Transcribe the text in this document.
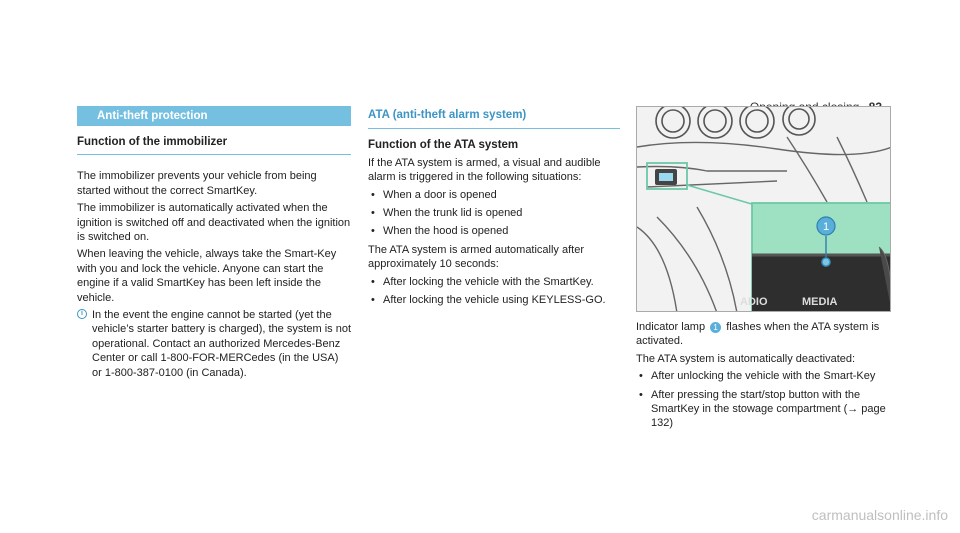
Anti-theft protection
Function of the immobilizer

The immobilizer prevents your vehicle from being started without the correct SmartKey.

The immobilizer is automatically activated when the ignition is switched off and deactivated when the ignition is switched on.

When leaving the vehicle, always take the Smart-Key with you and lock the vehicle. Anyone can start the engine if a valid SmartKey has been left inside the vehicle.

i In the event the engine cannot be started (yet the vehicle’s starter battery is charged), the system is not operational. Contact an authorized Mercedes-Benz Center or call 1-800-FOR-MERCedes (in the USA) or 1-800-387-0100 (in Canada).
ATA (anti-theft alarm system)
Function of the ATA system

If the ATA system is armed, a visual and audible alarm is triggered in the following situations:

• When a door is opened
• When the trunk lid is opened
• When the hood is opened

The ATA system is armed automatically after approximately 10 seconds:

• After locking the vehicle with the SmartKey.
• After locking the vehicle using KEYLESS-GO.
1
ADIO	MEDIA

Indicator lamp 1 flashes when the ATA system is activated.

The ATA system is automatically deactivated:

• After unlocking the vehicle with the Smart-Key
• After pressing the start/stop button with the SmartKey in the stowage compartment (→ page 132)
carmanualsonline.info
